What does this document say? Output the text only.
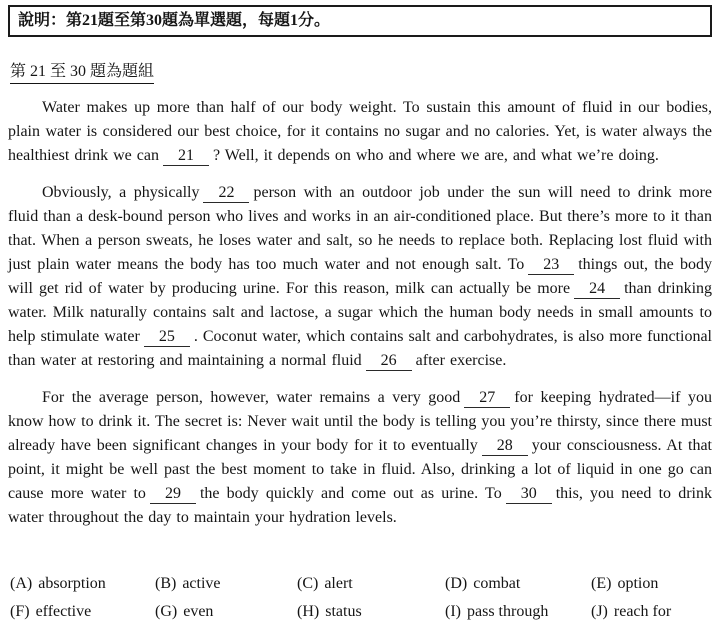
說明：第21題至第30題為單選題，每題1分。
第 21 至 30 題為題組

Water makes up more than half of our body weight. To sustain this amount of fluid in our bodies, plain water is considered our best choice, for it contains no sugar and no calories. Yet, is water always the healthiest drink we can 21 ? Well, it depends on who and where we are, and what we’re doing.

Obviously, a physically 22 person with an outdoor job under the sun will need to drink more fluid than a desk-bound person who lives and works in an air-conditioned place. But there’s more to it than that. When a person sweats, he loses water and salt, so he needs to replace both. Replacing lost fluid with just plain water means the body has too much water and not enough salt. To 23 things out, the body will get rid of water by producing urine. For this reason, milk can actually be more 24 than drinking water. Milk naturally contains salt and lactose, a sugar which the human body needs in small amounts to help stimulate water 25 . Coconut water, which contains salt and carbohydrates, is also more functional than water at restoring and maintaining a normal fluid 26 after exercise.

For the average person, however, water remains a very good 27 for keeping hydrated—if you know how to drink it. The secret is: Never wait until the body is telling you you’re thirsty, since there must already have been significant changes in your body for it to eventually 28 your consciousness. At that point, it might be well past the best moment to take in fluid. Also, drinking a lot of liquid in one go can cause more water to 29 the body quickly and come out as urine. To 30 this, you need to drink water throughout the day to maintain your hydration levels.

(A) absorption	(B) active	(C) alert	(D) combat	(E) option
(F) effective	(G) even	(H) status	(I) pass through	(J) reach for
